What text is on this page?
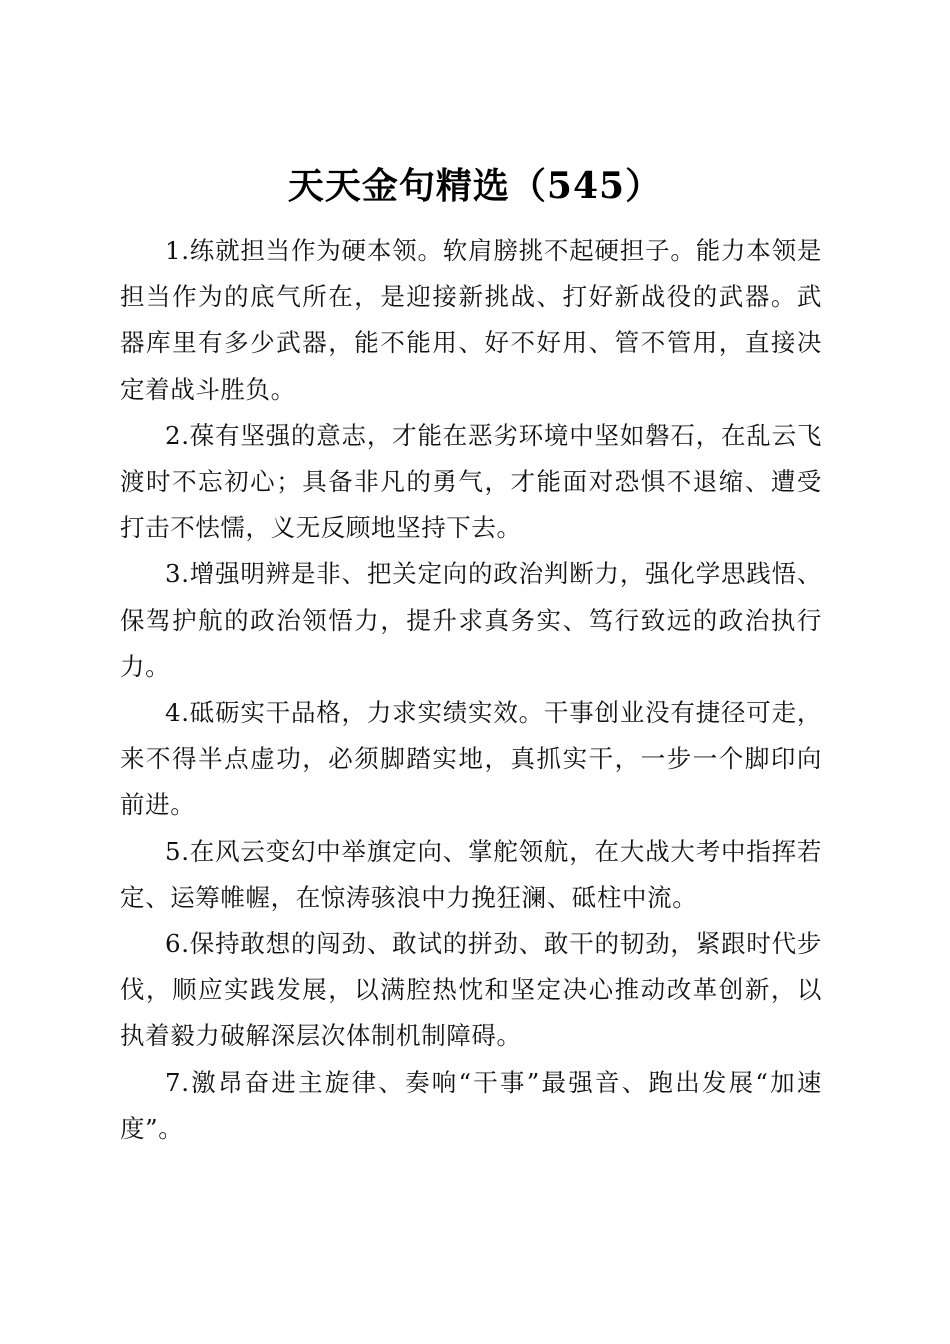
天天金句精选（545）

1.练就担当作为硬本领。软肩膀挑不起硬担子。能力本领是担当作为的底气所在，是迎接新挑战、打好新战役的武器。武器库里有多少武器，能不能用、好不好用、管不管用，直接决定着战斗胜负。

2.葆有坚强的意志，才能在恶劣环境中坚如磐石，在乱云飞渡时不忘初心；具备非凡的勇气，才能面对恐惧不退缩、遭受打击不怯懦，义无反顾地坚持下去。

3.增强明辨是非、把关定向的政治判断力，强化学思践悟、保驾护航的政治领悟力，提升求真务实、笃行致远的政治执行力。

4.砥砺实干品格，力求实绩实效。干事创业没有捷径可走，来不得半点虚功，必须脚踏实地，真抓实干，一步一个脚印向前进。

5.在风云变幻中举旗定向、掌舵领航，在大战大考中指挥若定、运筹帷幄，在惊涛骇浪中力挽狂澜、砥柱中流。

6.保持敢想的闯劲、敢试的拼劲、敢干的韧劲，紧跟时代步伐，顺应实践发展，以满腔热忱和坚定决心推动改革创新，以执着毅力破解深层次体制机制障碍。

7.激昂奋进主旋律、奏响“干事”最强音、跑出发展“加速度”。
